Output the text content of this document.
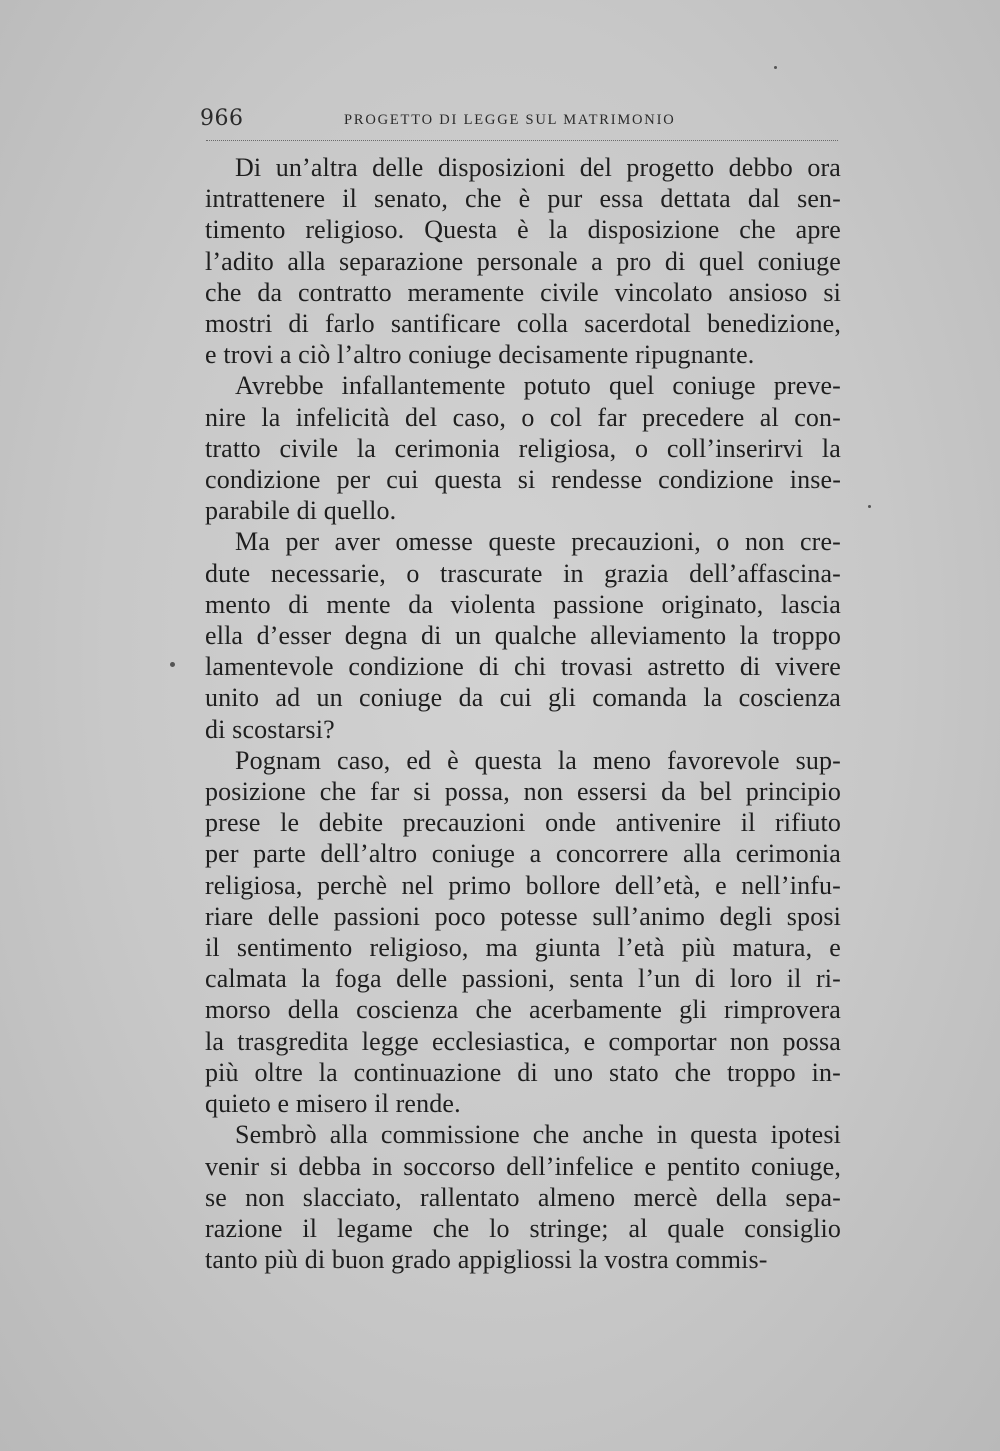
966	PROGETTO DI LEGGE SUL MATRIMONIO

Di un’altra delle disposizioni del progetto debbo ora
intrattenere il senato, che è pur essa dettata dal sen-
timento religioso. Questa è la disposizione che apre
l’adito alla separazione personale a pro di quel coniuge
che da contratto meramente civile vincolato ansioso si
mostri di farlo santificare colla sacerdotal benedizione,
e trovi a ciò l’altro coniuge decisamente ripugnante.

Avrebbe infallantemente potuto quel coniuge preve-
nire la infelicità del caso, o col far precedere al con-
tratto civile la cerimonia religiosa, o coll’inserirvi la
condizione per cui questa si rendesse condizione inse-
parabile di quello.

Ma per aver omesse queste precauzioni, o non cre-
dute necessarie, o trascurate in grazia dell’affascina-
mento di mente da violenta passione originato, lascia
ella d’esser degna di un qualche alleviamento la troppo
lamentevole condizione di chi trovasi astretto di vivere
unito ad un coniuge da cui gli comanda la coscienza
di scostarsi?

Pognam caso, ed è questa la meno favorevole sup-
posizione che far si possa, non essersi da bel principio
prese le debite precauzioni onde antivenire il rifiuto
per parte dell’altro coniuge a concorrere alla cerimonia
religiosa, perchè nel primo bollore dell’età, e nell’infu-
riare delle passioni poco potesse sull’animo degli sposi
il sentimento religioso, ma giunta l’età più matura, e
calmata la foga delle passioni, senta l’un di loro il ri-
morso della coscienza che acerbamente gli rimprovera
la trasgredita legge ecclesiastica, e comportar non possa
più oltre la continuazione di uno stato che troppo in-
quieto e misero il rende.

Sembrò alla commissione che anche in questa ipotesi
venir si debba in soccorso dell’infelice e pentito coniuge,
se non slacciato, rallentato almeno mercè della sepa-
razione il legame che lo stringe; al quale consiglio
tanto più di buon grado appigliossi la vostra commis-
